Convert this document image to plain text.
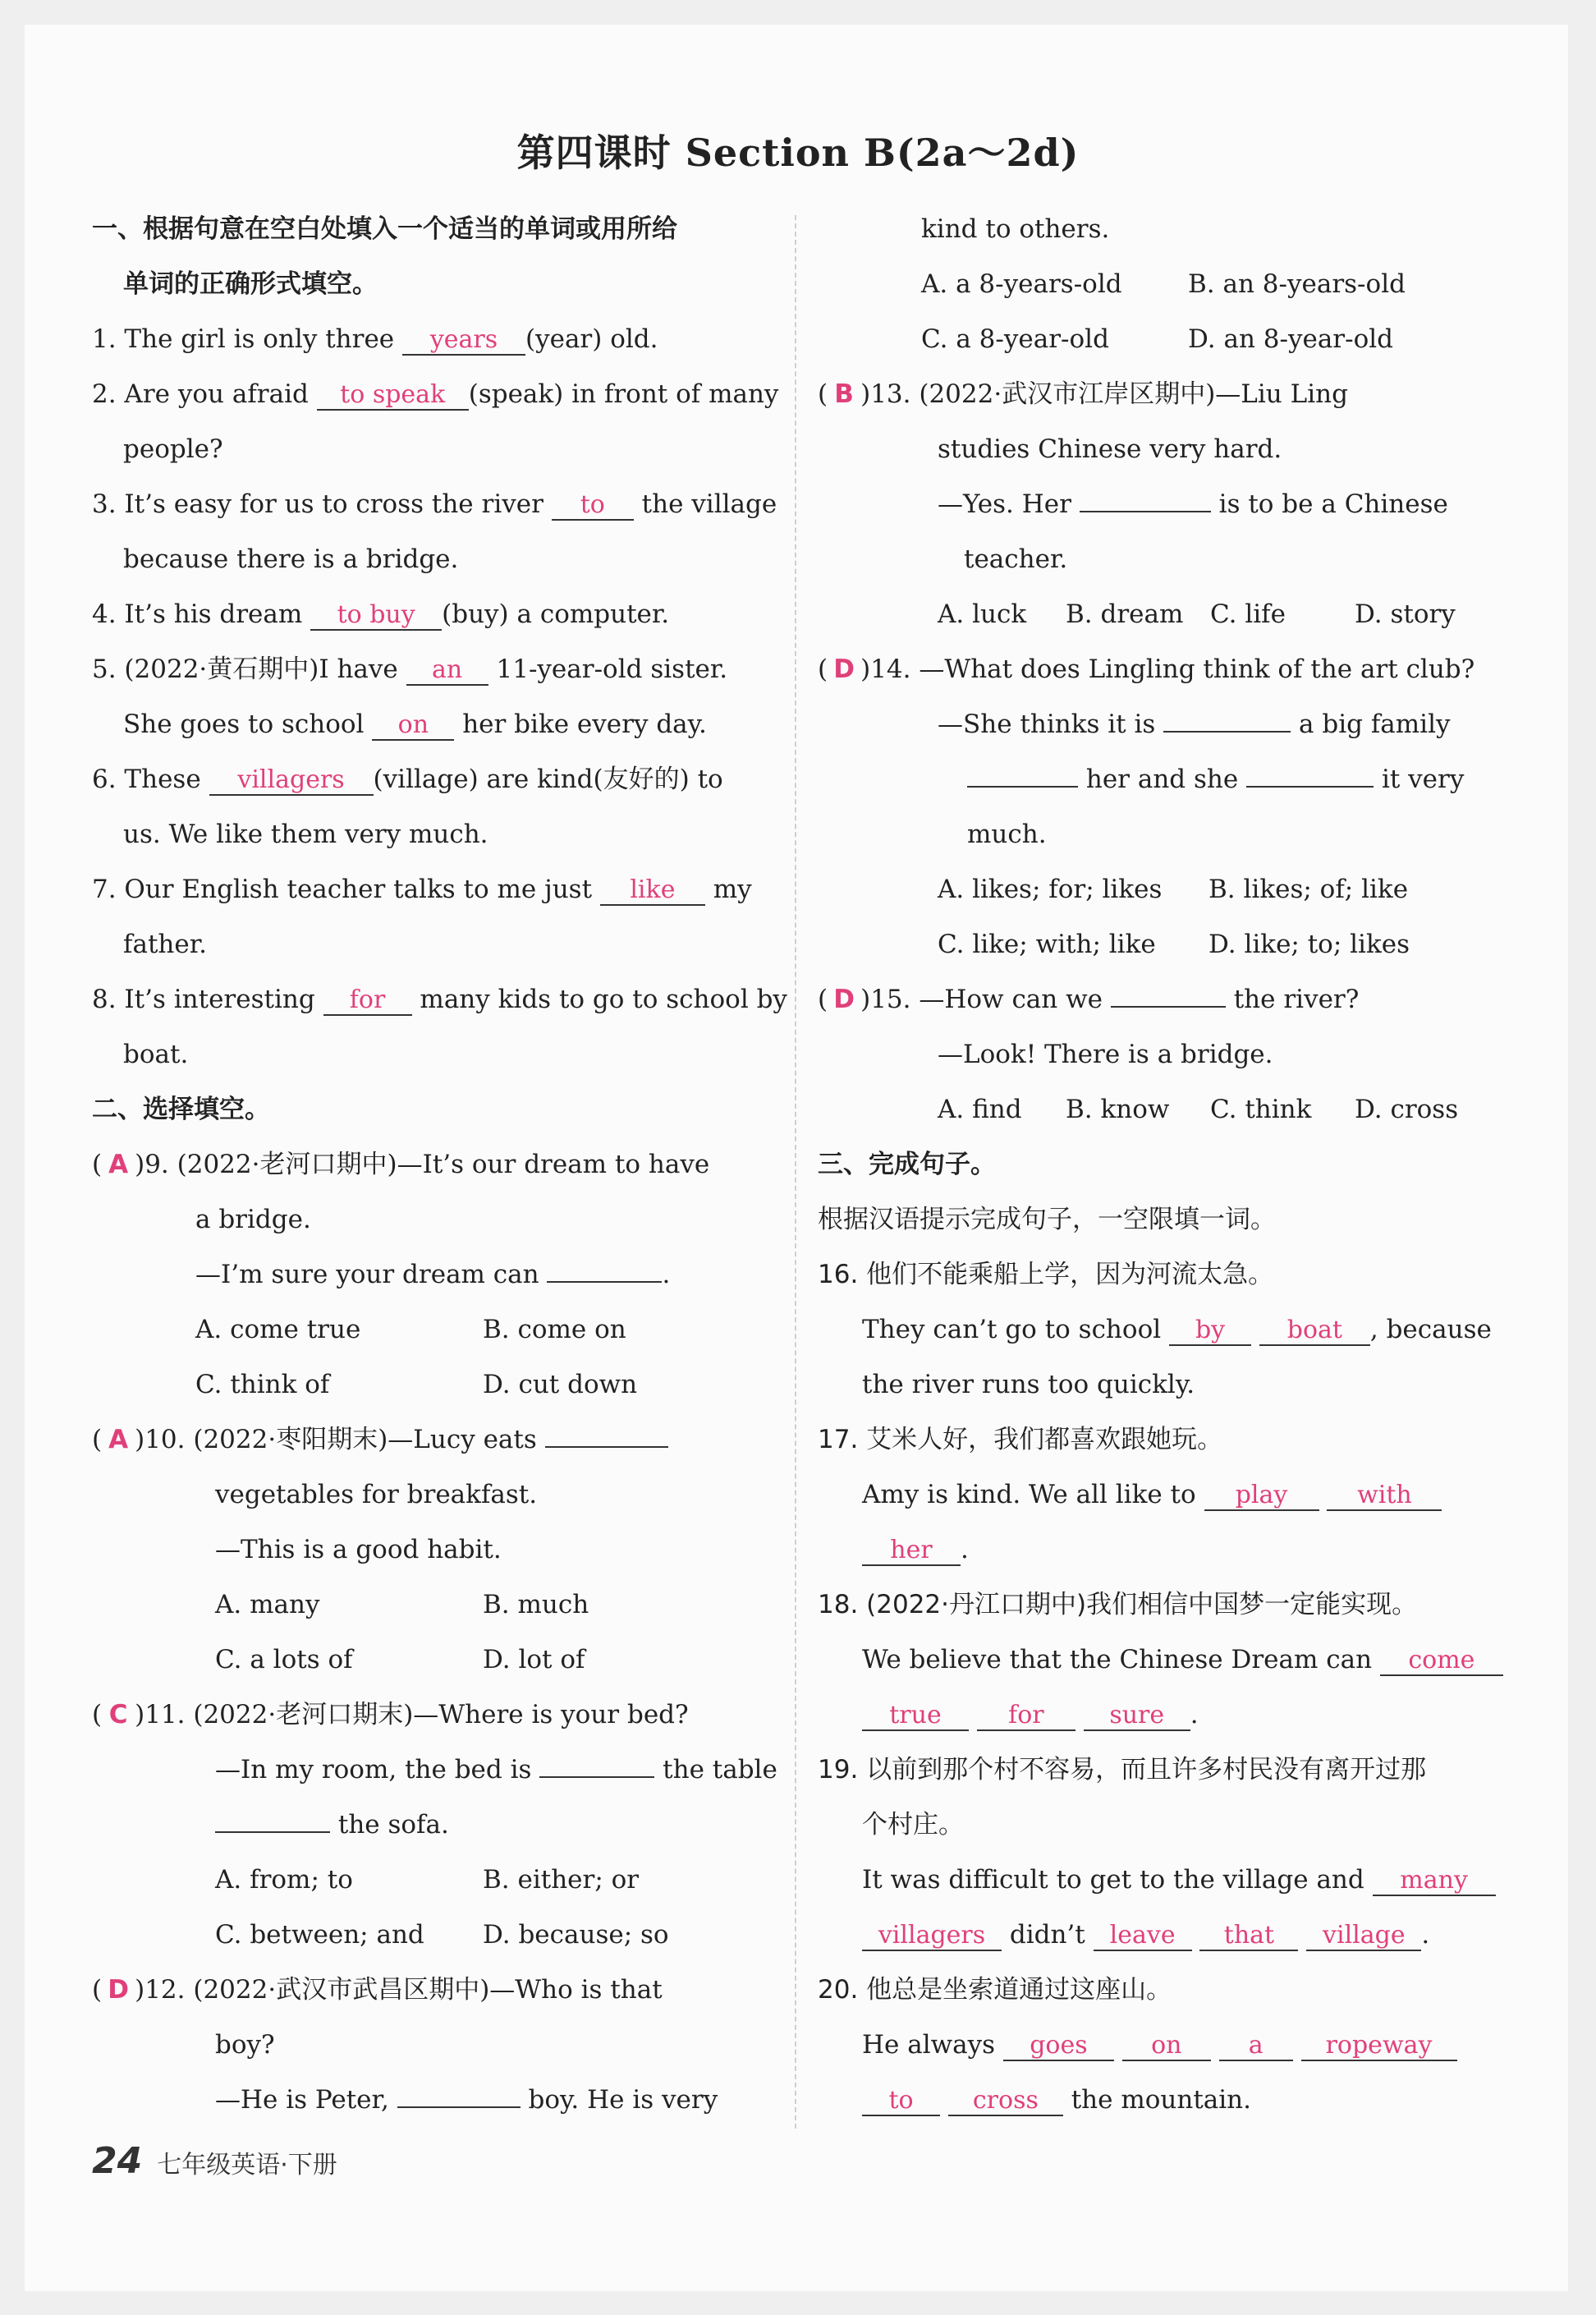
第四课时 Section B(2a～2d)
一、根据句意在空白处填入一个适当的单词或用所给
单词的正确形式填空。
1. The girl is only three years (year) old.
2. Are you afraid to speak (speak) in front of many
people?
3. It’s easy for us to cross the river to the village
because there is a bridge.
4. It’s his dream to buy (buy) a computer.
5. (2022·黄石期中)I have an 11-year-old sister.
She goes to school on her bike every day.
6. These villagers (village) are kind(友好的) to
us. We like them very much.
7. Our English teacher talks to me just like my
father.
8. It’s interesting for many kids to go to school by
boat.
二、选择填空。
( A )9. (2022·老河口期中)—It’s our dream to have
a bridge.
—I’m sure your dream can	.
A. come true	B. come on
C. think of	D. cut down
( A )10. (2022·枣阳期末)—Lucy eats
vegetables for breakfast.
—This is a good habit.
A. many	B. much
C. a lots of	D. lot of
( C )11. (2022·老河口期末)—Where is your bed?
—In my room, the bed is	the table
the sofa.
A. from; to	B. either; or
C. between; and	D. because; so
( D )12. (2022·武汉市武昌区期中)—Who is that
boy?
—He is Peter,	boy. He is very
kind to others.
A. a 8-years-old	B. an 8-years-old
C. a 8-year-old	D. an 8-year-old
( B )13. (2022·武汉市江岸区期中)—Liu Ling
studies Chinese very hard.
—Yes. Her	is to be a Chinese
teacher.
A. luck	B. dream	C. life	D. story
( D )14. —What does Lingling think of the art club?
—She thinks it is	a big family
her and she	it very
much.
A. likes; for; likes	B. likes; of; like
C. like; with; like	D. like; to; likes
( D )15. —How can we	the river?
—Look! There is a bridge.
A. find	B. know	C. think	D. cross
三、完成句子。
根据汉语提示完成句子，一空限填一词。
16. 他们不能乘船上学，因为河流太急。
They can’t go to school by	boat , because
the river runs too quickly.
17. 艾米人好，我们都喜欢跟她玩。
Amy is kind. We all like to play	with
her .
18. (2022·丹江口期中)我们相信中国梦一定能实现。
We believe that the Chinese Dream can come
true	for	sure .
19. 以前到那个村不容易，而且许多村民没有离开过那
个村庄。
It was difficult to get to the village and many
villagers didn’t leave that village .
20. 他总是坐索道通过这座山。
He always goes	on	a	ropeway
to cross the mountain.
24 七年级英语·下册
